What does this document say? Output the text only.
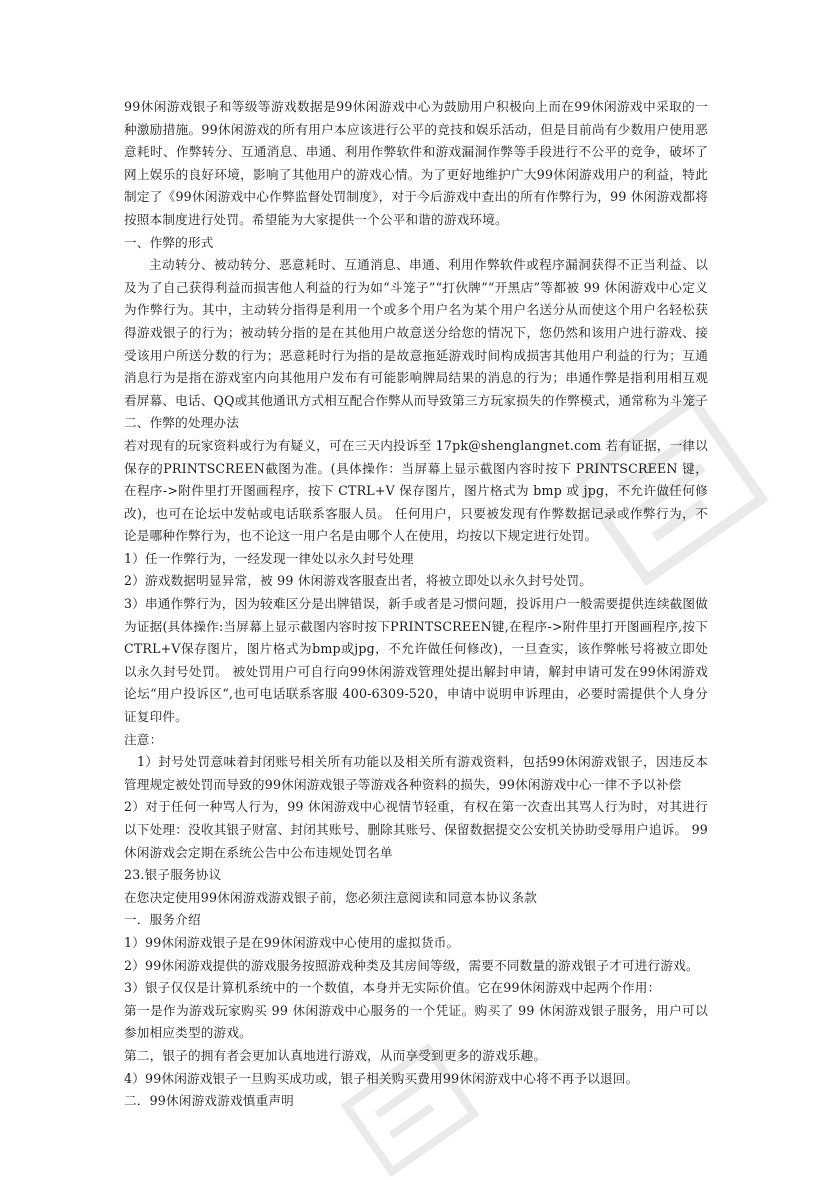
99休闲游戏银子和等级等游戏数据是99休闲游戏中心为鼓励用户积极向上而在99休闲游戏中采取的一种激励措施。99休闲游戏的所有用户本应该进行公平的竞技和娱乐活动，但是目前尚有少数用户使用恶意耗时、作弊转分、互通消息、串通、利用作弊软件和游戏漏洞作弊等手段进行不公平的竞争，破坏了网上娱乐的良好环境，影响了其他用户的游戏心情。为了更好地维护广大99休闲游戏用户的利益，特此制定了《99休闲游戏中心作弊监督处罚制度》，对于今后游戏中查出的所有作弊行为，99 休闲游戏都将按照本制度进行处罚。希望能为大家提供一个公平和谐的游戏环境。

一、作弊的形式

主动转分、被动转分、恶意耗时、互通消息、串通、利用作弊软件或程序漏洞获得不正当利益、以及为了自己获得利益而损害他人利益的行为如“斗笼子”“打伙牌”“开黑店”等都被 99 休闲游戏中心定义为作弊行为。其中，主动转分指得是利用一个或多个用户名为某个用户名送分从而使这个用户名轻松获得游戏银子的行为；被动转分指的是在其他用户故意送分给您的情况下，您仍然和该用户进行游戏、接受该用户所送分数的行为；恶意耗时行为指的是故意拖延游戏时间构成损害其他用户利益的行为；互通消息行为是指在游戏室内向其他用户发布有可能影响牌局结果的消息的行为；串通作弊是指利用相互观看屏幕、电话、QQ或其他通讯方式相互配合作弊从而导致第三方玩家损失的作弊模式，通常称为斗笼子

二、作弊的处理办法

若对现有的玩家资料或行为有疑义，可在三天内投诉至 17pk@shenglangnet.com 若有证据，一律以保存的PRINTSCREEN截图为准。(具体操作：当屏幕上显示截图内容时按下 PRINTSCREEN 键，在程序->附件里打开图画程序，按下 CTRL+V 保存图片，图片格式为 bmp 或 jpg，不允许做任何修改)，也可在论坛中发帖或电话联系客服人员。 任何用户，只要被发现有作弊数据记录或作弊行为，不论是哪种作弊行为，也不论这一用户名是由哪个人在使用，均按以下规定进行处罚。

1）任一作弊行为，一经发现一律处以永久封号处理

2）游戏数据明显异常，被 99 休闲游戏客服查出者，将被立即处以永久封号处罚。

3）串通作弊行为，因为较难区分是出牌错误，新手或者是习惯问题，投诉用户一般需要提供连续截图做为证据(具体操作:当屏幕上显示截图内容时按下PRINTSCREEN键,在程序->附件里打开图画程序,按下CTRL+V保存图片，图片格式为bmp或jpg，不允许做任何修改)，一旦查实，该作弊帐号将被立即处以永久封号处罚。 被处罚用户可自行向99休闲游戏管理处提出解封申请，解封申请可发在99休闲游戏论坛“用户投诉区“,也可电话联系客服 400-6309-520，申请中说明申诉理由，必要时需提供个人身分证复印件。

注意：

1）封号处罚意味着封闭账号相关所有功能以及相关所有游戏资料，包括99休闲游戏银子，因违反本管理规定被处罚而导致的99休闲游戏银子等游戏各种资料的损失，99休闲游戏中心一律不予以补偿

2）对于任何一种骂人行为，99 休闲游戏中心视情节轻重，有权在第一次查出其骂人行为时，对其进行以下处理：没收其银子财富、封闭其账号、删除其账号、保留数据提交公安机关协助受辱用户追诉。 99 休闲游戏会定期在系统公告中公布违规处罚名单

23.银子服务协议

在您决定使用99休闲游戏游戏银子前，您必须注意阅读和同意本协议条款

一．服务介绍

1）99休闲游戏银子是在99休闲游戏中心使用的虚拟货币。

2）99休闲游戏提供的游戏服务按照游戏种类及其房间等级，需要不同数量的游戏银子才可进行游戏。

3）银子仅仅是计算机系统中的一个数值，本身并无实际价值。它在99休闲游戏中起两个作用：

第一是作为游戏玩家购买 99 休闲游戏中心服务的一个凭证。购买了 99 休闲游戏银子服务，用户可以参加相应类型的游戏。

第二，银子的拥有者会更加认真地进行游戏，从而享受到更多的游戏乐趣。

4）99休闲游戏银子一旦购买成功或，银子相关购买费用99休闲游戏中心将不再予以退回。

二．99休闲游戏游戏慎重声明
